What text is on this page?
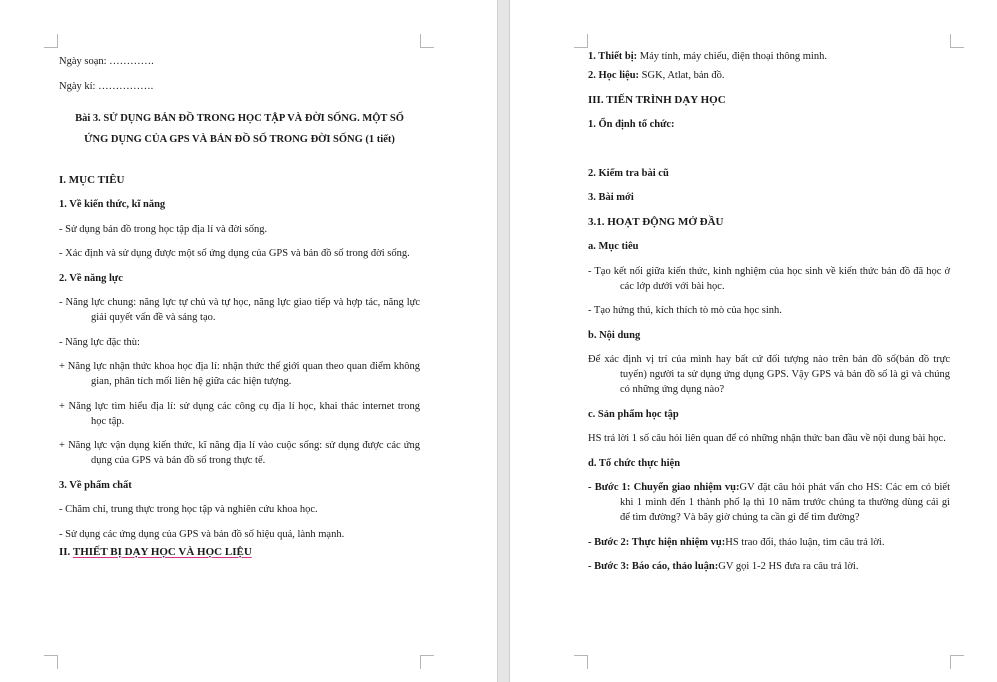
Ngày soạn: ………….
Ngày kí: …………….
Bài 3. SỬ DỤNG BẢN ĐỒ TRONG HỌC TẬP VÀ ĐỜI SỐNG. MỘT SỐ ỨNG DỤNG CỦA GPS VÀ BẢN ĐỒ SỐ TRONG ĐỜI SỐNG (1 tiết)
I. MỤC TIÊU
1. Về kiến thức, kĩ năng
- Sử dụng bản đồ trong học tập địa lí và đời sống.
- Xác định và sử dụng được một số ứng dụng của GPS và bản đồ số trong đời sống.
2. Về năng lực
- Năng lực chung: năng lực tự chủ và tự học, năng lực giao tiếp và hợp tác, năng lực giải quyết vấn đề và sáng tạo.
- Năng lực đặc thù:
+ Năng lực nhận thức khoa học địa lí: nhận thức thế giới quan theo quan điểm không gian, phân tích mối liên hệ giữa các hiện tượng.
+ Năng lực tìm hiểu địa lí: sử dụng các công cụ địa lí học, khai thác internet trong học tập.
+ Năng lực vận dụng kiến thức, kĩ năng địa lí vào cuộc sống: sử dụng được các ứng dụng của GPS và bản đồ số trong thực tế.
3. Về phẩm chất
- Chăm chỉ, trung thực trong học tập và nghiên cứu khoa học.
- Sử dụng các ứng dụng của GPS và bản đồ số hiệu quả, lành mạnh.
II. THIẾT BỊ DẠY HỌC VÀ HỌC LIỆU
1. Thiết bị: Máy tính, máy chiếu, điện thoại thông minh.
2. Học liệu: SGK, Atlat, bản đồ.
III. TIẾN TRÌNH DẠY HỌC
1. Ổn định tổ chức:
2. Kiểm tra bài cũ
3. Bài mới
3.1. HOẠT ĐỘNG MỞ ĐẦU
a. Mục tiêu
- Tạo kết nối giữa kiến thức, kinh nghiệm của học sinh về kiến thức bản đồ đã học ở các lớp dưới với bài học.
- Tạo hứng thú, kích thích tò mò của học sinh.
b. Nội dung
Để xác định vị trí của mình hay bất cứ đối tượng nào trên bản đồ số(bản đồ trực tuyến) người ta sử dụng ứng dụng GPS. Vậy GPS và bản đồ số là gì và chúng có những ứng dụng nào?
c. Sản phẩm học tập
HS trả lời 1 số câu hỏi liên quan để có những nhận thức ban đầu về nội dung bài học.
d. Tổ chức thực hiện
- Bước 1: Chuyển giao nhiệm vụ:GV đặt câu hỏi phát vấn cho HS: Các em có biết khi 1 mình đến 1 thành phố lạ thì 10 năm trước chúng ta thường dùng cái gì để tìm đường? Và bây giờ chúng ta cần gì để tìm đường?
- Bước 2: Thực hiện nhiệm vụ:HS trao đổi, thảo luận, tìm câu trả lời.
- Bước 3: Báo cáo, thảo luận:GV gọi 1-2 HS đưa ra câu trả lời.
